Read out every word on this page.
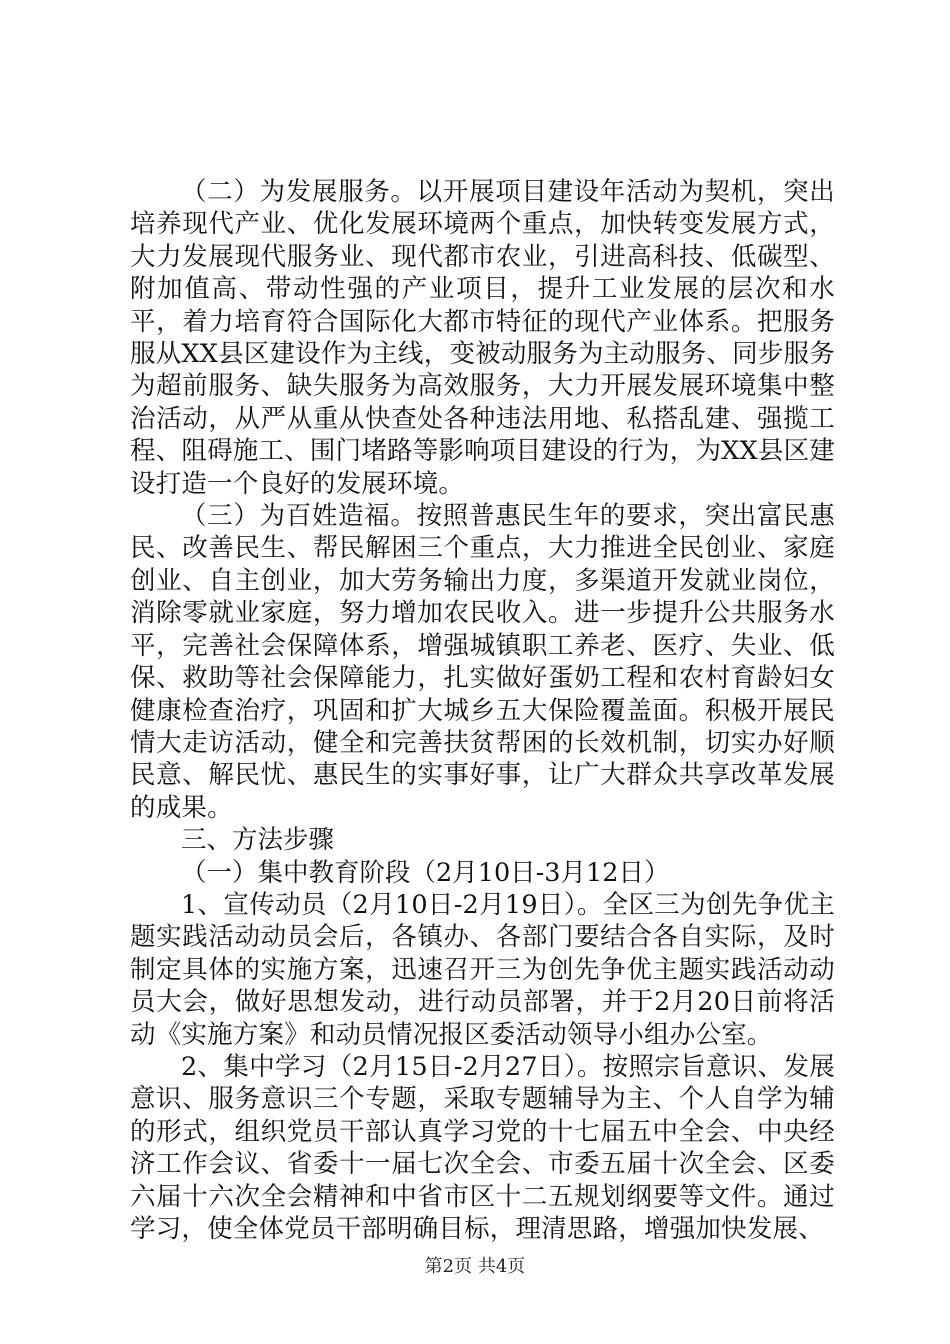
（二）为发展服务。以开展项目建设年活动为契机，突出培养现代产业、优化发展环境两个重点，加快转变发展方式，大力发展现代服务业、现代都市农业，引进高科技、低碳型、附加值高、带动性强的产业项目，提升工业发展的层次和水平，着力培育符合国际化大都市特征的现代产业体系。把服务服从XX县区建设作为主线，变被动服务为主动服务、同步服务为超前服务、缺失服务为高效服务，大力开展发展环境集中整治活动，从严从重从快查处各种违法用地、私搭乱建、强揽工程、阻碍施工、围门堵路等影响项目建设的行为，为XX县区建设打造一个良好的发展环境。

（三）为百姓造福。按照普惠民生年的要求，突出富民惠民、改善民生、帮民解困三个重点，大力推进全民创业、家庭创业、自主创业，加大劳务输出力度，多渠道开发就业岗位，消除零就业家庭，努力增加农民收入。进一步提升公共服务水平，完善社会保障体系，增强城镇职工养老、医疗、失业、低保、救助等社会保障能力，扎实做好蛋奶工程和农村育龄妇女健康检查治疗，巩固和扩大城乡五大保险覆盖面。积极开展民情大走访活动，健全和完善扶贫帮困的长效机制，切实办好顺民意、解民忧、惠民生的实事好事，让广大群众共享改革发展的成果。

三、方法步骤

（一）集中教育阶段（2月10日-3月12日）

1、宣传动员（2月10日-2月19日）。全区三为创先争优主题实践活动动员会后，各镇办、各部门要结合各自实际，及时制定具体的实施方案，迅速召开三为创先争优主题实践活动动员大会，做好思想发动，进行动员部署，并于2月20日前将活动《实施方案》和动员情况报区委活动领导小组办公室。

2、集中学习（2月15日-2月27日）。按照宗旨意识、发展意识、服务意识三个专题，采取专题辅导为主、个人自学为辅的形式，组织党员干部认真学习党的十七届五中全会、中央经济工作会议、省委十一届七次全会、市委五届十次全会、区委六届十六次全会精神和中省市区十二五规划纲要等文件。通过学习，使全体党员干部明确目标，理清思路，增强加快发展、

第2页 共4页
